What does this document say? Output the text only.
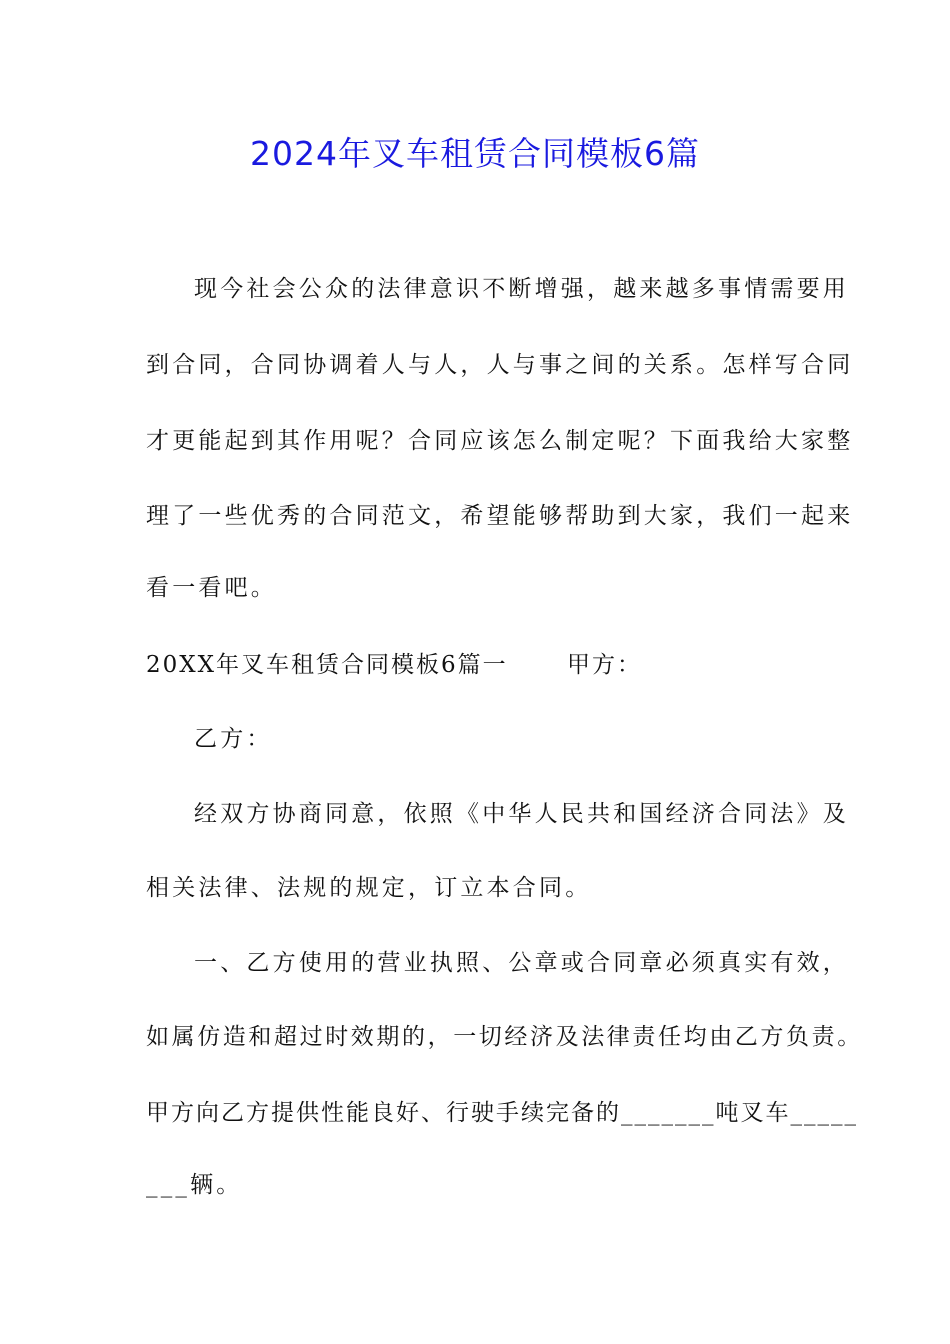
2024年叉车租赁合同模板6篇
现今社会公众的法律意识不断增强，越来越多事情需要用
到合同，合同协调着人与人，人与事之间的关系。怎样写合同
才更能起到其作用呢？合同应该怎么制定呢？下面我给大家整
理了一些优秀的合同范文，希望能够帮助到大家，我们一起来
看一看吧。
20XX年叉车租赁合同模板6篇一　　 甲方：
乙方：
经双方协商同意，依照《中华人民共和国经济合同法》及
相关法律、法规的规定，订立本合同。
一、乙方使用的营业执照、公章或合同章必须真实有效，
如属仿造和超过时效期的，一切经济及法律责任均由乙方负责。
甲方向乙方提供性能良好、行驶手续完备的_______吨叉车_____
___辆。
